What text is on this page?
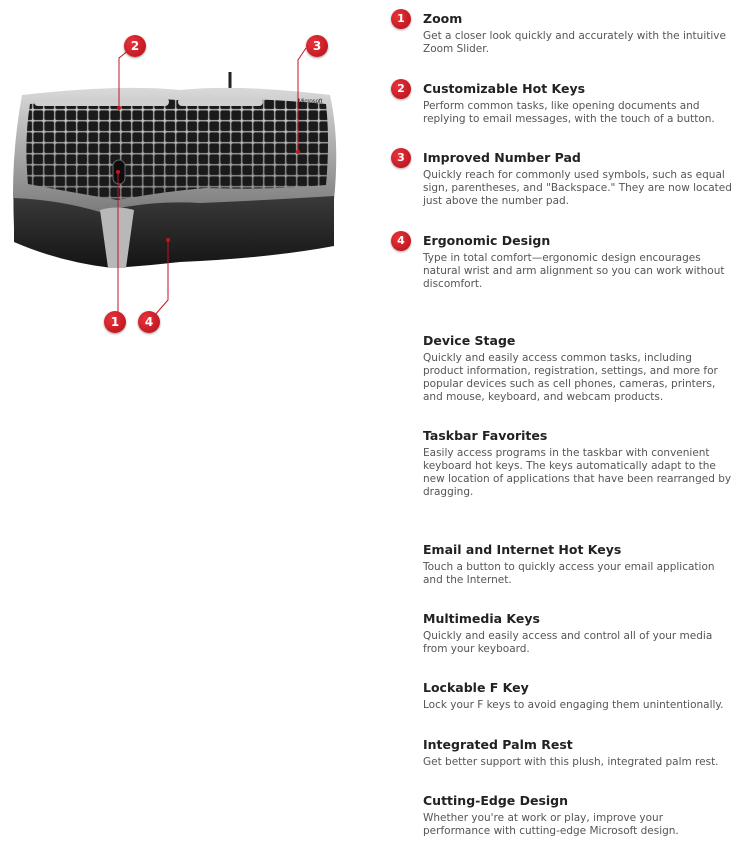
Microsoft
2	3
1	4
1	Zoom

Get a closer look quickly and accurately with the intuitive Zoom Slider.

2	Customizable Hot Keys

Perform common tasks, like opening documents and replying to email messages, with the touch of a button.

3	Improved Number Pad

Quickly reach for commonly used symbols, such as equal sign, parentheses, and "Backspace." They are now located just above the number pad.

4	Ergonomic Design

Type in total comfort—ergonomic design encourages natural wrist and arm alignment so you can work without discomfort.

Device Stage

Quickly and easily access common tasks, including product information, registration, settings, and more for popular devices such as cell phones, cameras, printers, and mouse, keyboard, and webcam products.

Taskbar Favorites

Easily access programs in the taskbar with convenient keyboard hot keys. The keys automatically adapt to the new location of applications that have been rearranged by dragging.

Email and Internet Hot Keys

Touch a button to quickly access your email application and the Internet.

Multimedia Keys

Quickly and easily access and control all of your media from your keyboard.

Lockable F Key

Lock your F keys to avoid engaging them unintentionally.

Integrated Palm Rest

Get better support with this plush, integrated palm rest.

Cutting-Edge Design

Whether you're at work or play, improve your performance with cutting-edge Microsoft design.
